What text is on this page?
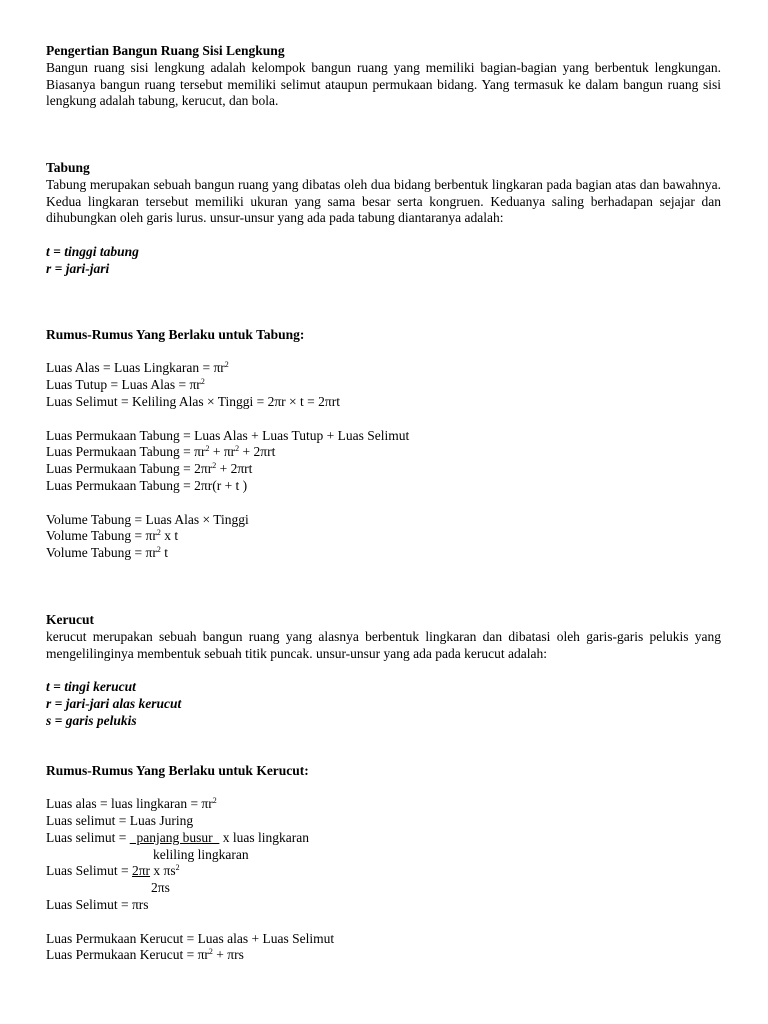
Pengertian Bangun Ruang Sisi Lengkung
Bangun ruang sisi lengkung adalah kelompok bangun ruang yang memiliki bagian-bagian yang berbentuk lengkungan. Biasanya bangun ruang tersebut memiliki selimut ataupun permukaan bidang. Yang termasuk ke dalam bangun ruang sisi lengkung adalah tabung, kerucut, dan bola.
Tabung
Tabung merupakan sebuah bangun ruang yang dibatas oleh dua bidang berbentuk lingkaran pada bagian atas dan bawahnya. Kedua lingkaran tersebut memiliki ukuran yang sama besar serta kongruen. Keduanya saling berhadapan sejajar dan dihubungkan oleh garis lurus. unsur-unsur yang ada pada tabung diantaranya adalah:
t = tinggi tabung
r = jari-jari
Rumus-Rumus Yang Berlaku untuk Tabung:
Luas Alas = Luas Lingkaran = $\pi r^2$
Luas Tutup = Luas Alas = $\pi r^2$
Luas Selimut = Keliling Alas × Tinggi = 2πr × t = 2πrt
Luas Permukaan Tabung = Luas Alas + Luas Tutup + Luas Selimut
Luas Permukaan Tabung = $\pi r^2 + \pi r^2 + 2\pi rt$
Luas Permukaan Tabung = $2\pi r^2 + 2\pi rt$
Luas Permukaan Tabung = 2πr(r + t )
Volume Tabung = Luas Alas × Tinggi
Volume Tabung = $\pi r^2$ x t
Volume Tabung = $\pi r^2$ t
Kerucut
kerucut merupakan sebuah bangun ruang yang alasnya berbentuk lingkaran dan dibatasi oleh garis-garis pelukis yang mengelilinginya membentuk sebuah titik puncak. unsur-unsur yang ada pada kerucut adalah:
t = tingi kerucut
r = jari-jari alas kerucut
s = garis pelukis
Rumus-Rumus Yang Berlaku untuk Kerucut:
Luas alas = luas lingkaran = $\pi r^2$
Luas selimut = Luas Juring
Luas selimut =   panjang busur   x luas lingkaran
keliling lingkaran
Luas Selimut = 2πr x $\pi s^2$
2πs
Luas Selimut = πrs
Luas Permukaan Kerucut = Luas alas + Luas Selimut
Luas Permukaan Kerucut = $\pi r^2 + \pi rs$
